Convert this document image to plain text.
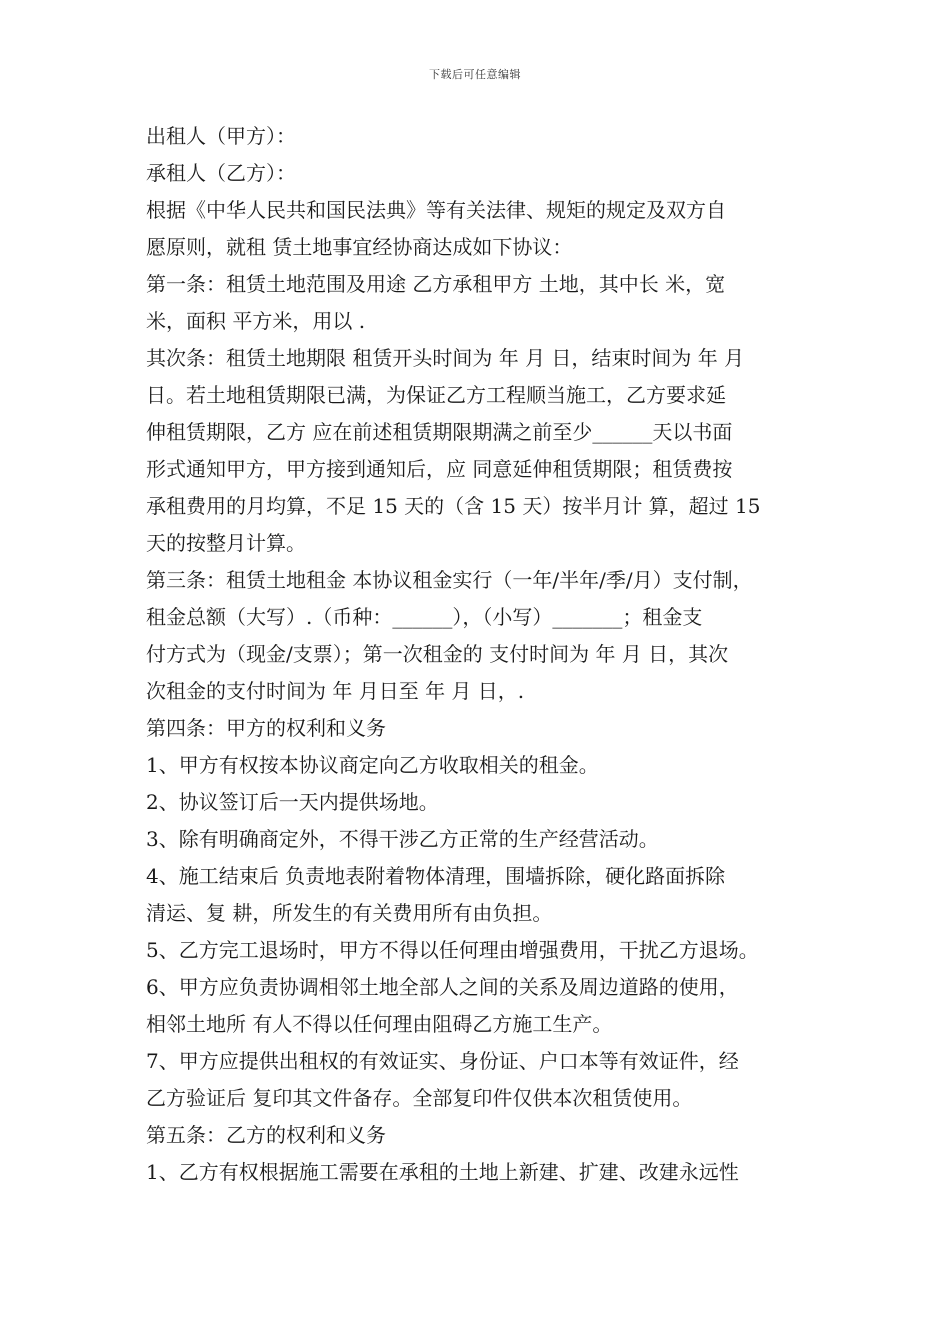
下载后可任意编辑

出租人（甲方）：

承租人（乙方）：

根据《中华人民共和国民法典》等有关法律、规矩的规定及双方自

愿原则，就租 赁土地事宜经协商达成如下协议：

第一条：租赁土地范围及用途 乙方承租甲方 土地，其中长 米，宽

米，面积 平方米，用以 .

其次条：租赁土地期限 租赁开头时间为 年 月 日，结束时间为 年 月

日。若土地租赁期限已满，为保证乙方工程顺当施工，乙方要求延

伸租赁期限，乙方 应在前述租赁期限期满之前至少______天以书面

形式通知甲方，甲方接到通知后，应 同意延伸租赁期限；租赁费按

承租费用的月均算，不足 15 天的（含 15 天）按半月计 算，超过 15

天的按整月计算。

第三条：租赁土地租金 本协议租金实行（一年/半年/季/月）支付制，

租金总额（大写）.（币种：______），（小写）_______；租金支

付方式为（现金/支票）；第一次租金的 支付时间为 年 月 日，其次

次租金的支付时间为 年 月日至 年 月 日，.

第四条：甲方的权利和义务

1、甲方有权按本协议商定向乙方收取相关的租金。

2、协议签订后一天内提供场地。

3、除有明确商定外，不得干涉乙方正常的生产经营活动。

4、施工结束后 负责地表附着物体清理，围墙拆除，硬化路面拆除

清运、复 耕，所发生的有关费用所有由负担。

5、乙方完工退场时，甲方不得以任何理由增强费用，干扰乙方退场。

6、甲方应负责协调相邻土地全部人之间的关系及周边道路的使用，

相邻土地所 有人不得以任何理由阻碍乙方施工生产。

7、甲方应提供出租权的有效证实、身份证、户口本等有效证件，经

乙方验证后 复印其文件备存。全部复印件仅供本次租赁使用。

第五条：乙方的权利和义务

1、乙方有权根据施工需要在承租的土地上新建、扩建、改建永远性
